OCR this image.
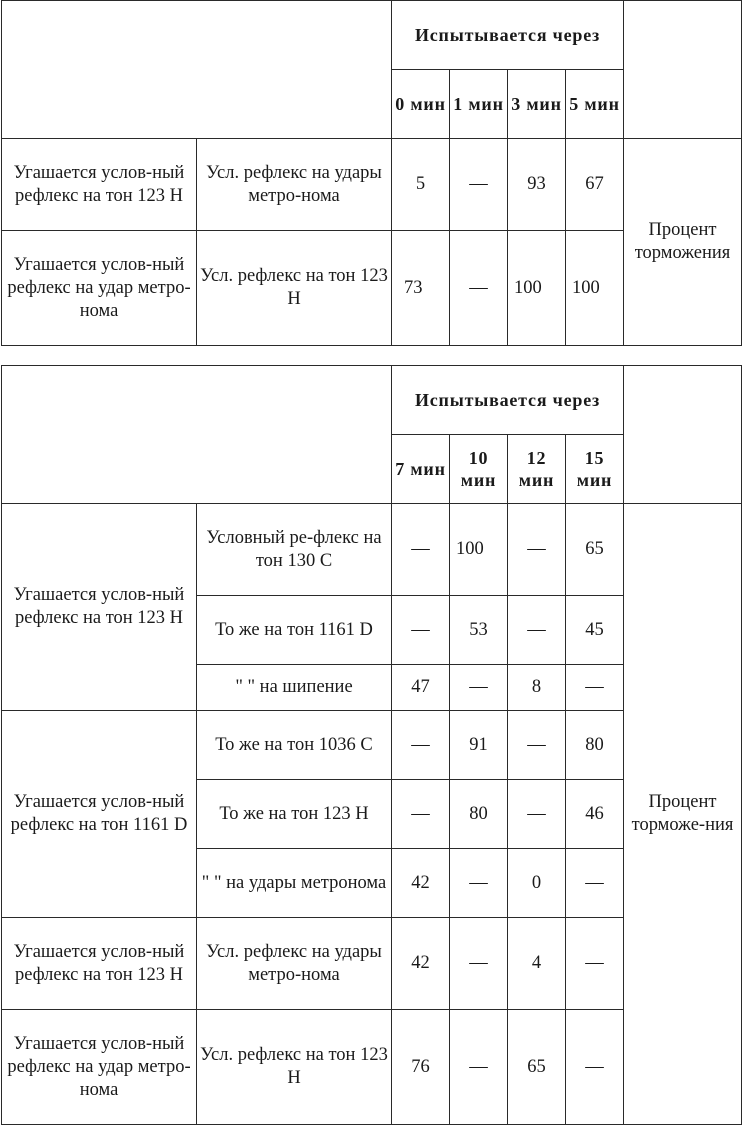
		Испытывается через				
		0 мин	1 мин	3 мин	5 мин	
Угашается услов-ный рефлекс на тон 123 H	Усл. рефлекс на удары метро-нома	5	—	93	67	Процент торможения
Угашается услов-ный рефлекс на удар метро-нома	Усл. рефлекс на тон 123 H	73	—	100	100	
		Испытывается через				
		7 мин	10 мин	12 мин	15 мин	
Угашается услов-ный рефлекс на тон 123 H	Условный ре-флекс на тон 130 C	—	100	—	65	Процент торможе-ния
	То же на тон 1161 D	—	53	—	45	
	" " на шипение	47	—	8	—	
Угашается услов-ный рефлекс на тон 1161 D	То же на тон 1036 C	—	91	—	80	
	То же на тон 123 H	—	80	—	46	
	" " на удары метронома	42	—	0	—	
Угашается услов-ный рефлекс на тон 123 H	Усл. рефлекс на удары метро-нома	42	—	4	—	
Угашается услов-ный рефлекс на удар метро-нома	Усл. рефлекс на тон 123 H	76	—	65	—	
